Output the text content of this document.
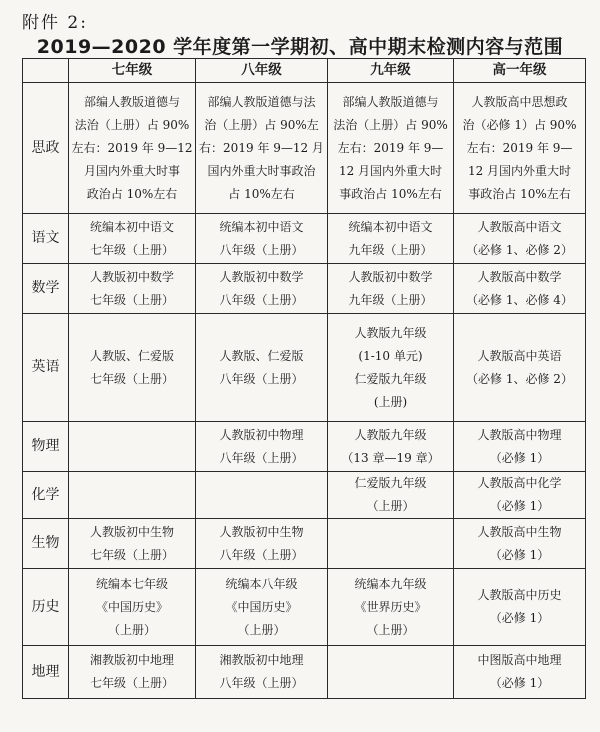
附件 2:
2019—2020 学年度第一学期初、高中期末检测内容与范围
	七年级	八年级	九年级	高一年级
思政	部编人教版道德与
法治（上册）占 90%
左右：2019 年 9—12
月国内外重大时事
政治占 10%左右	部编人教版道德与法
治（上册）占 90%左
右：2019 年 9—12 月
国内外重大时事政治
占 10%左右	部编人教版道德与
法治（上册）占 90%
左右：2019 年 9—
12 月国内外重大时
事政治占 10%左右	人教版高中思想政
治（必修 1）占 90%
左右：2019 年 9—
12 月国内外重大时
事政治占 10%左右

语文	统编本初中语文
七年级（上册）	统编本初中语文
八年级（上册）	统编本初中语文
九年级（上册）	人教版高中语文
（必修 1、必修 2）

数学	人教版初中数学
七年级（上册）	人教版初中数学
八年级（上册）	人教版初中数学
九年级（上册）	人教版高中数学
（必修 1、必修 4）

英语	人教版、仁爱版
七年级（上册）	人教版、仁爱版
八年级（上册）	人教版九年级
(1-10 单元)
仁爱版九年级
(上册)	人教版高中英语
（必修 1、必修 2）

物理		人教版初中物理
八年级（上册）	人教版九年级
（13 章—19 章）	人教版高中物理
（必修 1）

化学			仁爱版九年级
（上册）	人教版高中化学
（必修 1）

生物	人教版初中生物
七年级（上册）	人教版初中生物
八年级（上册）		人教版高中生物
（必修 1）

历史	统编本七年级
《中国历史》
（上册）	统编本八年级
《中国历史》
（上册）	统编本九年级
《世界历史》
（上册）	人教版高中历史
（必修 1）

地理	湘教版初中地理
七年级（上册）	湘教版初中地理
八年级（上册）		中图版高中地理
（必修 1）
